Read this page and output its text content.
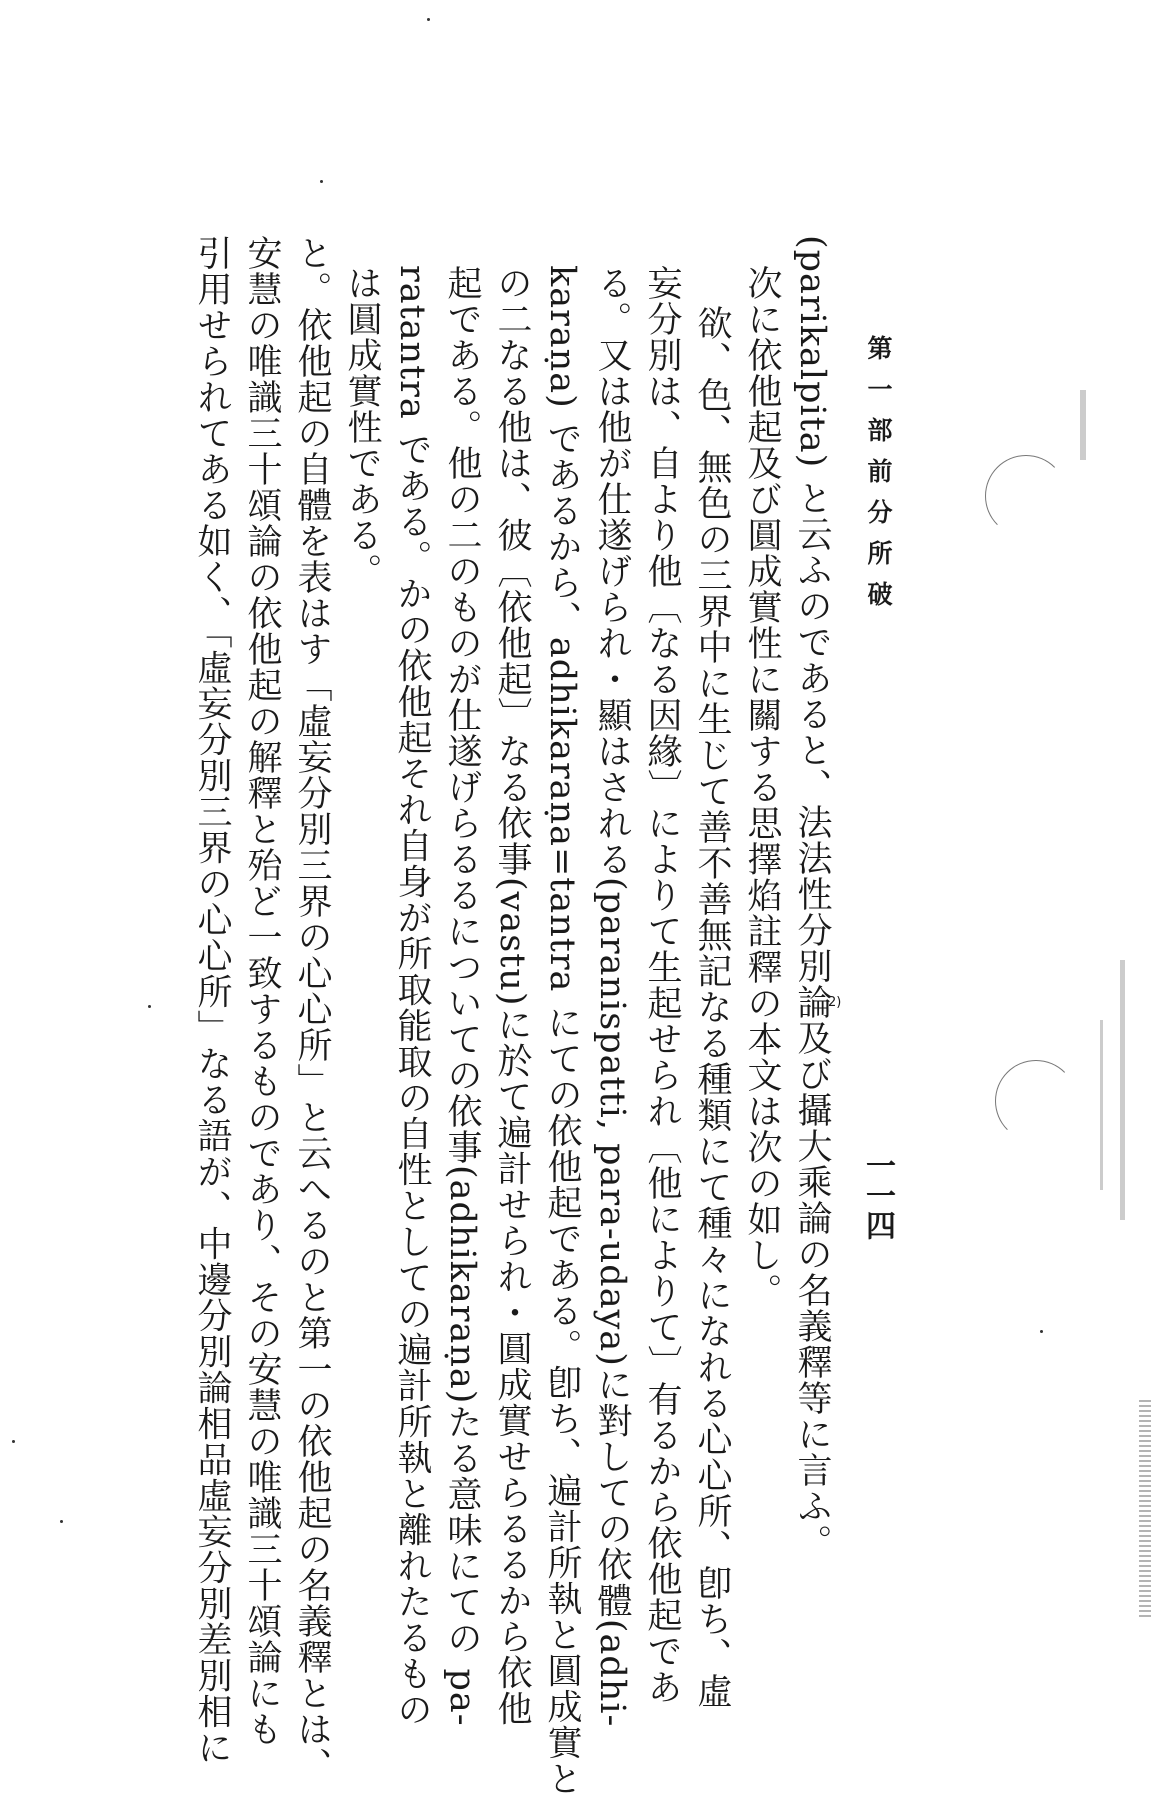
一一四
第一部前分所破
2)
(parikalpita) と云ふのであると、法法性分別論及び攝大乘論の名義釋等に言ふ。
次に依他起及び圓成實性に關する思擇焰註釋の本文は次の如し。
欲、色、無色の三界中に生じて善不善無記なる種類にて種々になれる心心所、卽ち、虛
妄分別は、自より他〔なる因緣〕によりて生起せられ〔他によりて〕有るから依他起であ
る。又は他が仕遂げられ・顯はされる(paranispatti, para-udaya)に對しての依體(adhi-
karaṇa) であるから、adhikaraṇa=tantra にての依他起である。卽ち、遍計所執と圓成實と
の二なる他は、彼〔依他起〕なる依事(vastu)に於て遍計せられ・圓成實せらるるから依他
起である。他の二のものが仕遂げらるるについての依事(adhikaraṇa)たる意味にての pa-
ratantra である。かの依他起それ自身が所取能取の自性としての遍計所執と離れたるもの
は圓成實性である。
と。依他起の自體を表はす「虛妄分別三界の心心所」と云へるのと第一の依他起の名義釋とは、
安慧の唯識三十頌論の依他起の解釋と殆ど一致するものであり、その安慧の唯識三十頌論にも
引用せられてある如く、「虛妄分別三界の心心所」なる語が、中邊分別論相品虛妄分別差別相に
